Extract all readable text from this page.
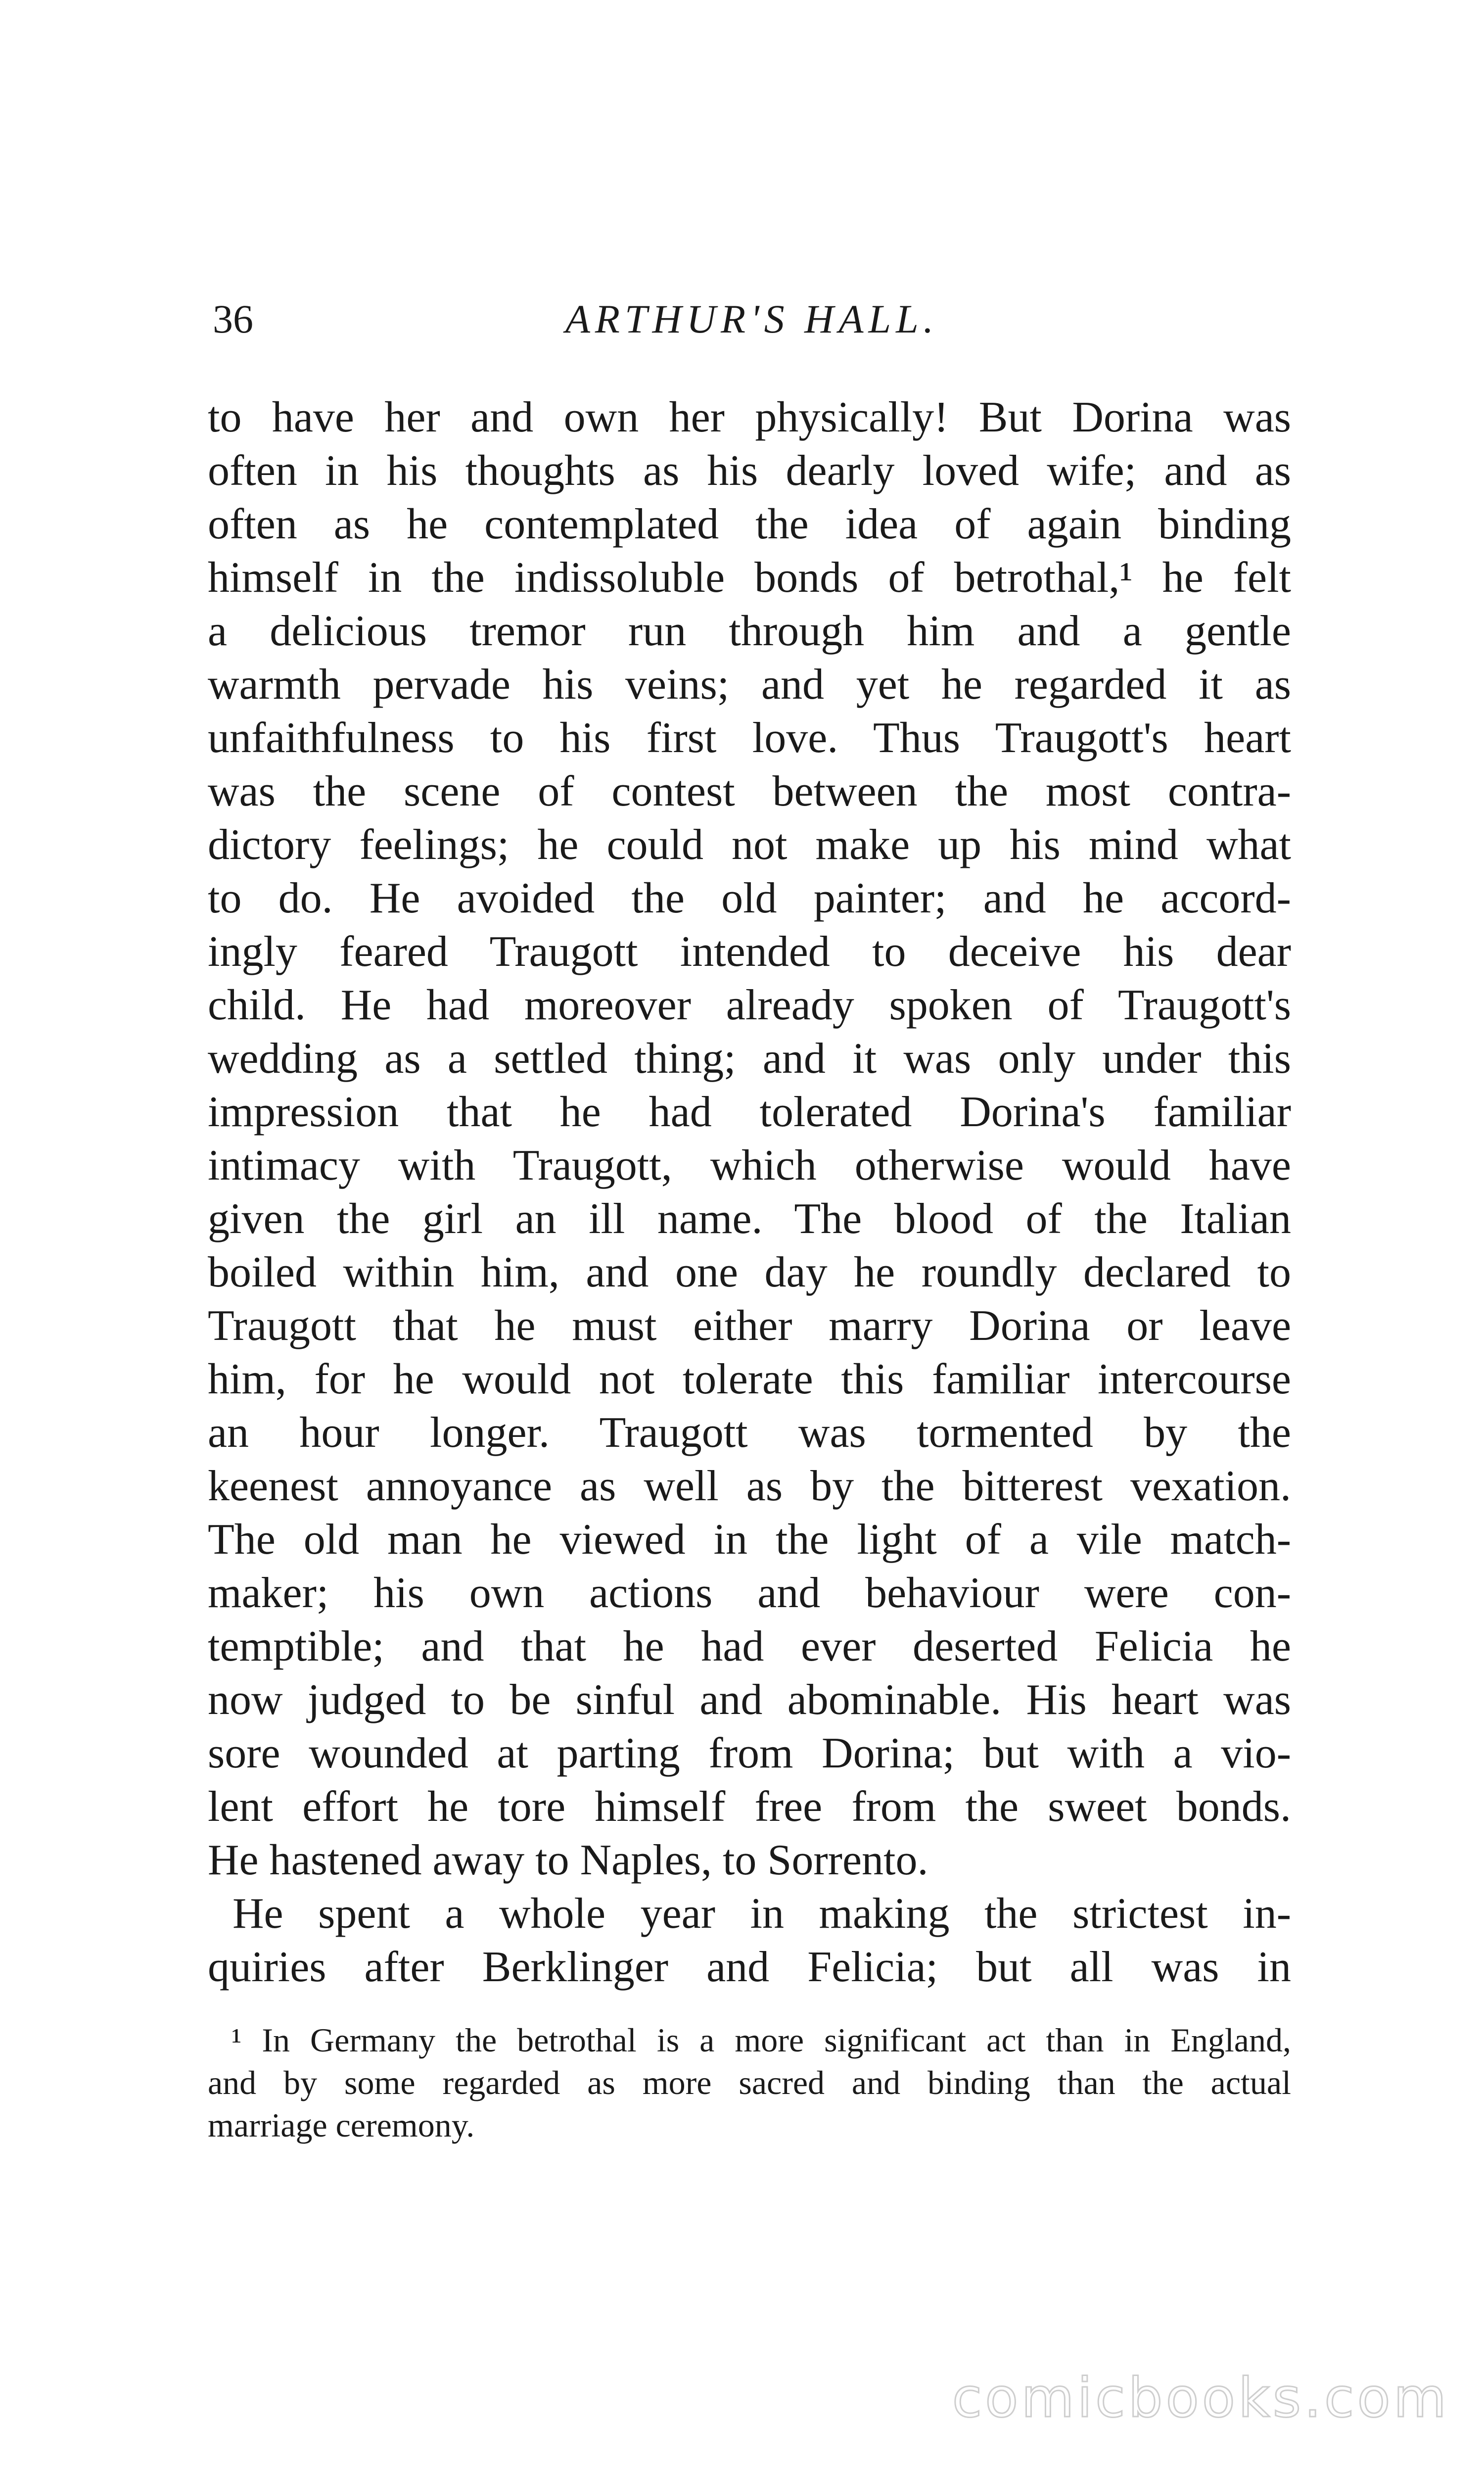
36	ARTHUR'S HALL.
to have her and own her physically! But Dorina was
often in his thoughts as his dearly loved wife; and as
often as he contemplated the idea of again binding
himself in the indissoluble bonds of betrothal,¹ he felt
a delicious tremor run through him and a gentle
warmth pervade his veins; and yet he regarded it as
unfaithfulness to his first love. Thus Traugott's heart
was the scene of contest between the most contra-
dictory feelings; he could not make up his mind what
to do. He avoided the old painter; and he accord-
ingly feared Traugott intended to deceive his dear
child. He had moreover already spoken of Traugott's
wedding as a settled thing; and it was only under this
impression that he had tolerated Dorina's familiar
intimacy with Traugott, which otherwise would have
given the girl an ill name. The blood of the Italian
boiled within him, and one day he roundly declared to
Traugott that he must either marry Dorina or leave
him, for he would not tolerate this familiar intercourse
an hour longer. Traugott was tormented by the
keenest annoyance as well as by the bitterest vexation.
The old man he viewed in the light of a vile match-
maker; his own actions and behaviour were con-
temptible; and that he had ever deserted Felicia he
now judged to be sinful and abominable. His heart was
sore wounded at parting from Dorina; but with a vio-
lent effort he tore himself free from the sweet bonds.
He hastened away to Naples, to Sorrento.
He spent a whole year in making the strictest in-
quiries after Berklinger and Felicia; but all was in
¹ In Germany the betrothal is a more significant act than in England,
and by some regarded as more sacred and binding than the actual
marriage ceremony.
comicbooks.com
